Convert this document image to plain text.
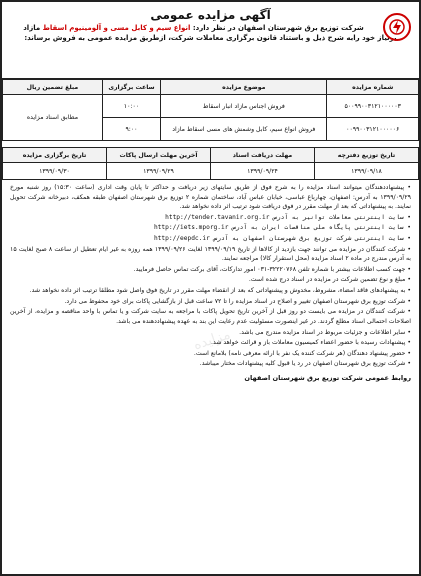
آگهی مزایده عمومی
شرکت توزیع برق شهرستان اصفهان در نظر دارد: انواع سیم و کابل مسی و آلومینیوم اسقاط مازاد
برنیاز خود رابه شرح ذیل و باستناد قانون برگزاری معاملات شرکت، ازطریق مزایده عمومی به فروش برساند:
شماره مزایده	موضوع مزایده	ساعت برگزاری	مبلغ تضمین ریال
۵۰۰۹۹۰۰۳۱۲۱۰۰۰۰۰۳	فروش اجناس مازاد انبار اسقاط	۱۰:۰۰	مطابق اسناد مزایده
۰۰۹۹۰۰۳۱۲۱۰۰۰۰۰۶	فروش انواع سیم، کابل وشمش های مسی اسقاط مازاد	۹:۰۰	
تاریخ توزیع دفترچه	مهلت دریافت اسناد	آخرین مهلت ارسال پاکات	تاریخ برگزاری مزایده
۱۳۹۹/۰۹/۱۸	۱۳۹۹/۰۹/۲۴	۱۳۹۹/۰۹/۲۹	۱۳۹۹/۰۹/۳۰
• پیشنهاددهندگان میتوانند اسناد مزایده را به شرح فوق از طریق سایتهای زیر دریافت و حداکثر تا پایان وقت اداری (ساعت ۱۵:۳۰) روز شنبه مورخ ۱۳۹۹/۰۹/۲۹ به آدرس: اصفهان، چهارباغ عباسی، خیابان عباس آباد، ساختمان شماره ۲ توزیع برق شهرستان اصفهان طبقه همکف، دبیرخانه شرکت تحویل نمایند. به پیشنهاداتی که بعد از مهلت مقرر در فوق دریافت شود ترتیب اثر داده نخواهد شد.
• سایت اینترنتی معاملات توانیر به آدرس http://tender.tavanir.org.ir
• سایت اینترنتی پایگاه ملی مناقصات ایران به آدرس http://iets.mporg.ir
• سایت اینترنتی شرکت توزیع برق شهرستان اصفهان به آدرس http://eepdc.ir
• شرکت کنندگان در مزایده می توانند جهت بازدید از کالاها از تاریخ ۱۳۹۹/۰۹/۱۹ لغایت ۱۳۹۹/۰۹/۲۶ همه روزه به غیر ایام تعطیل از ساعت ۸ صبح لغایت ۱۵ به آدرس مندرج در ماده ۲ اسناد مزایده (محل استقرار کالا) مراجعه نمایند.
• جهت کسب اطلاعات بیشتر با شماره تلفن ۳۲۲۲۰۷۶۸-۰۳۱ امور تدارکات، آقای برکت تماس حاصل فرمایید.
• مبلغ و نوع تضمین شرکت در مزایده در اسناد درج شده است.
• به پیشنهادهای فاقد امضاء، مشروط، مخدوش و پیشنهاداتی که بعد از انقضاء مهلت مقرر در تاریخ فوق واصل شود مطلقا ترتیب اثر داده نخواهد شد.
• شرکت توزیع برق شهرستان اصفهان تغییر و اصلاح در اسناد مزایده را تا ۷۲ ساعت قبل از بازگشایی پاکات برای خود محفوظ می دارد.
• شرکت کنندگان در مزایده می بایست دو روز قبل از آخرین تاریخ تحویل پاکات با مراجعه به سایت شرکت و یا تماس با واحد مناقصه و مزایده، از آخرین اصلاحات احتمالی اسناد مطلع گردند. در غیر اینصورت مسئولیت عدم رعایت این بند به عهده پیشنهاددهنده می باشد.
• سایر اطلاعات و جزئیات مربوط در اسناد مزایده مندرج می باشد.
• پیشنهادات رسیده با حضور اعضاء کمیسیون معاملات باز و قرائت خواهد شد.
• حضور پیشنهاد دهندگان (هر شرکت کننده یک نفر با ارائه معرفی نامه) بلامانع است.
• شرکت توزیع برق شهرستان اصفهان در رد یا قبول کلیه پیشنهادات مختار میباشد.
روابط عمومی شرکت توزیع برق شهرستان اصفهان
مزایده
